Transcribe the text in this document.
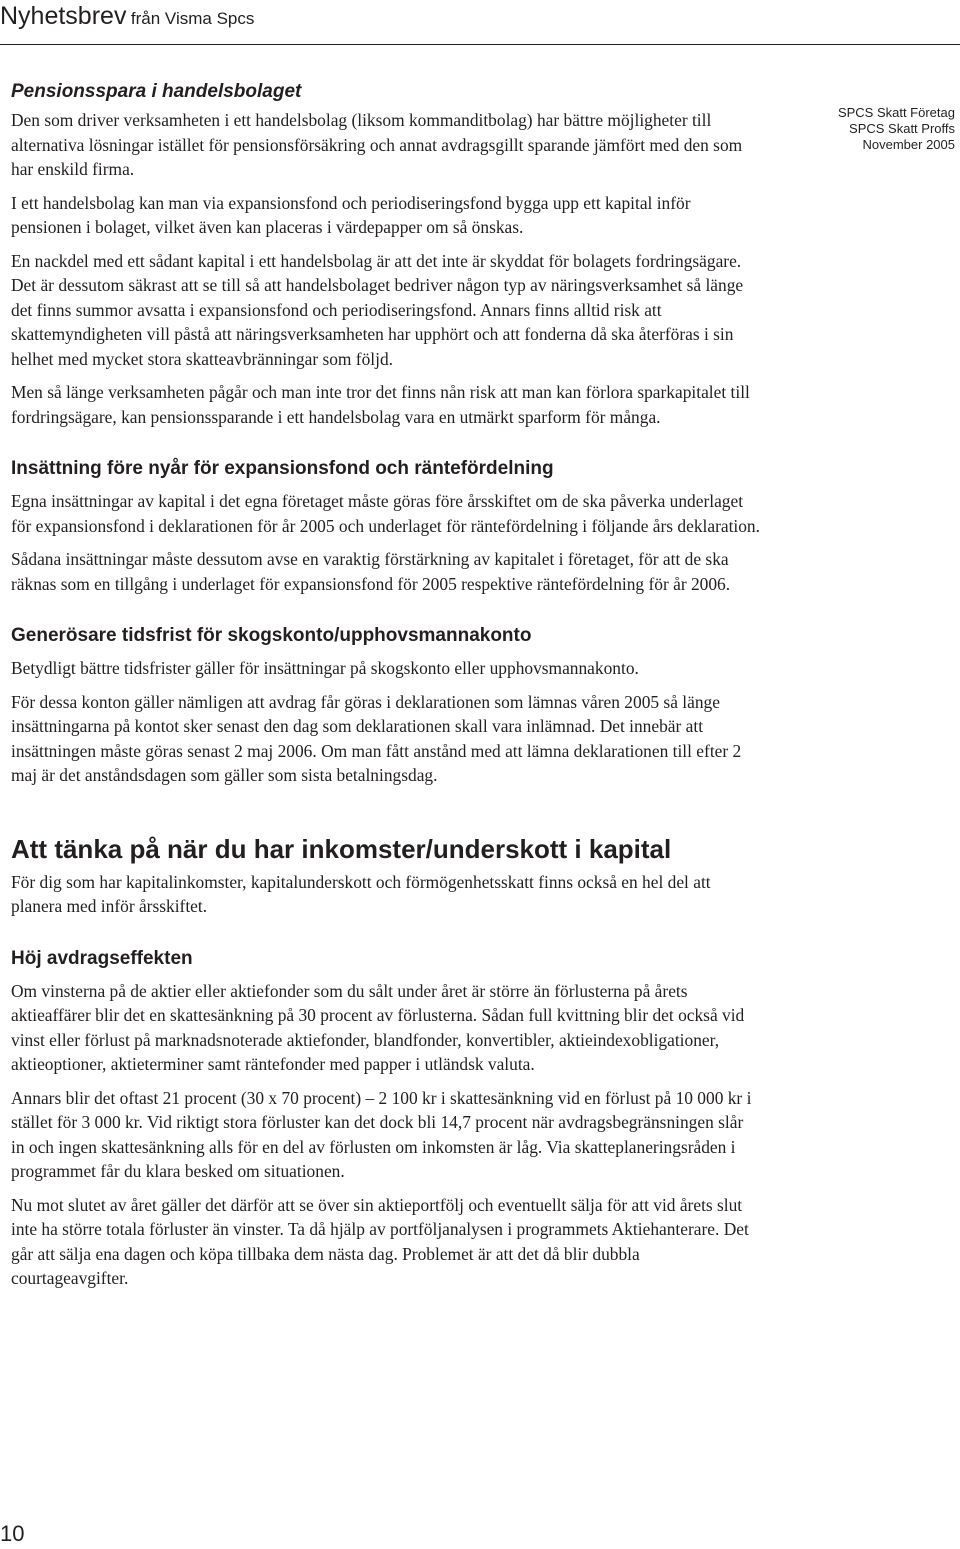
Nyhetsbrev från Visma Spcs
SPCS Skatt Företag
SPCS Skatt Proffs
November 2005
Pensionsspara i handelsbolaget

Den som driver verksamheten i ett handelsbolag (liksom kommanditbolag) har bättre möjligheter till alternativa lösningar istället för pensionsförsäkring och annat avdragsgillt sparande jämfört med den som har enskild firma.

I ett handelsbolag kan man via expansionsfond och periodiseringsfond bygga upp ett kapital inför pensionen i bolaget, vilket även kan placeras i värdepapper om så önskas.

En nackdel med ett sådant kapital i ett handelsbolag är att det inte är skyddat för bolagets fordringsägare. Det är dessutom säkrast att se till så att handelsbolaget bedriver någon typ av näringsverksamhet så länge det finns summor avsatta i expansionsfond och periodiseringsfond. Annars finns alltid risk att skattemyndigheten vill påstå att näringsverksamheten har upphört och att fonderna då ska återföras i sin helhet med mycket stora skatteavbränningar som följd.

Men så länge verksamheten pågår och man inte tror det finns nån risk att man kan förlora sparkapitalet till fordringsägare, kan pensionssparande i ett handelsbolag vara en utmärkt sparform för många.

Insättning före nyår för expansionsfond och räntefördelning

Egna insättningar av kapital i det egna företaget måste göras före årsskiftet om de ska påverka underlaget för expansionsfond i deklarationen för år 2005 och underlaget för räntefördelning i följande års deklaration.

Sådana insättningar måste dessutom avse en varaktig förstärkning av kapitalet i företaget, för att de ska räknas som en tillgång i underlaget för expansionsfond för 2005 respektive räntefördelning för år 2006.

Generösare tidsfrist för skogskonto/upphovsmannakonto

Betydligt bättre tidsfrister gäller för insättningar på skogskonto eller upphovsmannakonto.

För dessa konton gäller nämligen att avdrag får göras i deklarationen som lämnas våren 2005 så länge insättningarna på kontot sker senast den dag som deklarationen skall vara inlämnad. Det innebär att insättningen måste göras senast 2 maj 2006. Om man fått anstånd med att lämna deklarationen till efter 2 maj är det anståndsdagen som gäller som sista betalningsdag.

Att tänka på när du har inkomster/underskott i kapital

För dig som har kapitalinkomster, kapitalunderskott och förmögenhetsskatt finns också en hel del att planera med inför årsskiftet.

Höj avdragseffekten

Om vinsterna på de aktier eller aktiefonder som du sålt under året är större än förlusterna på årets aktieaffärer blir det en skattesänkning på 30 procent av förlusterna. Sådan full kvittning blir det också vid vinst eller förlust på marknadsnoterade aktiefonder, blandfonder, konvertibler, aktieindexobligationer, aktieoptioner, aktieterminer samt räntefonder med papper i utländsk valuta.

Annars blir det oftast 21 procent (30 x 70 procent) – 2 100 kr i skattesänkning vid en förlust på 10 000 kr i stället för 3 000 kr. Vid riktigt stora förluster kan det dock bli 14,7 procent när avdragsbegränsningen slår in och ingen skattesänkning alls för en del av förlusten om inkomsten är låg. Via skatteplaneringsråden i programmet får du klara besked om situationen.

Nu mot slutet av året gäller det därför att se över sin aktieportfölj och eventuellt sälja för att vid årets slut inte ha större totala förluster än vinster. Ta då hjälp av portföljanalysen i programmets Aktiehanterare. Det går att sälja ena dagen och köpa tillbaka dem nästa dag. Problemet är att det då blir dubbla courtageavgifter.

10
